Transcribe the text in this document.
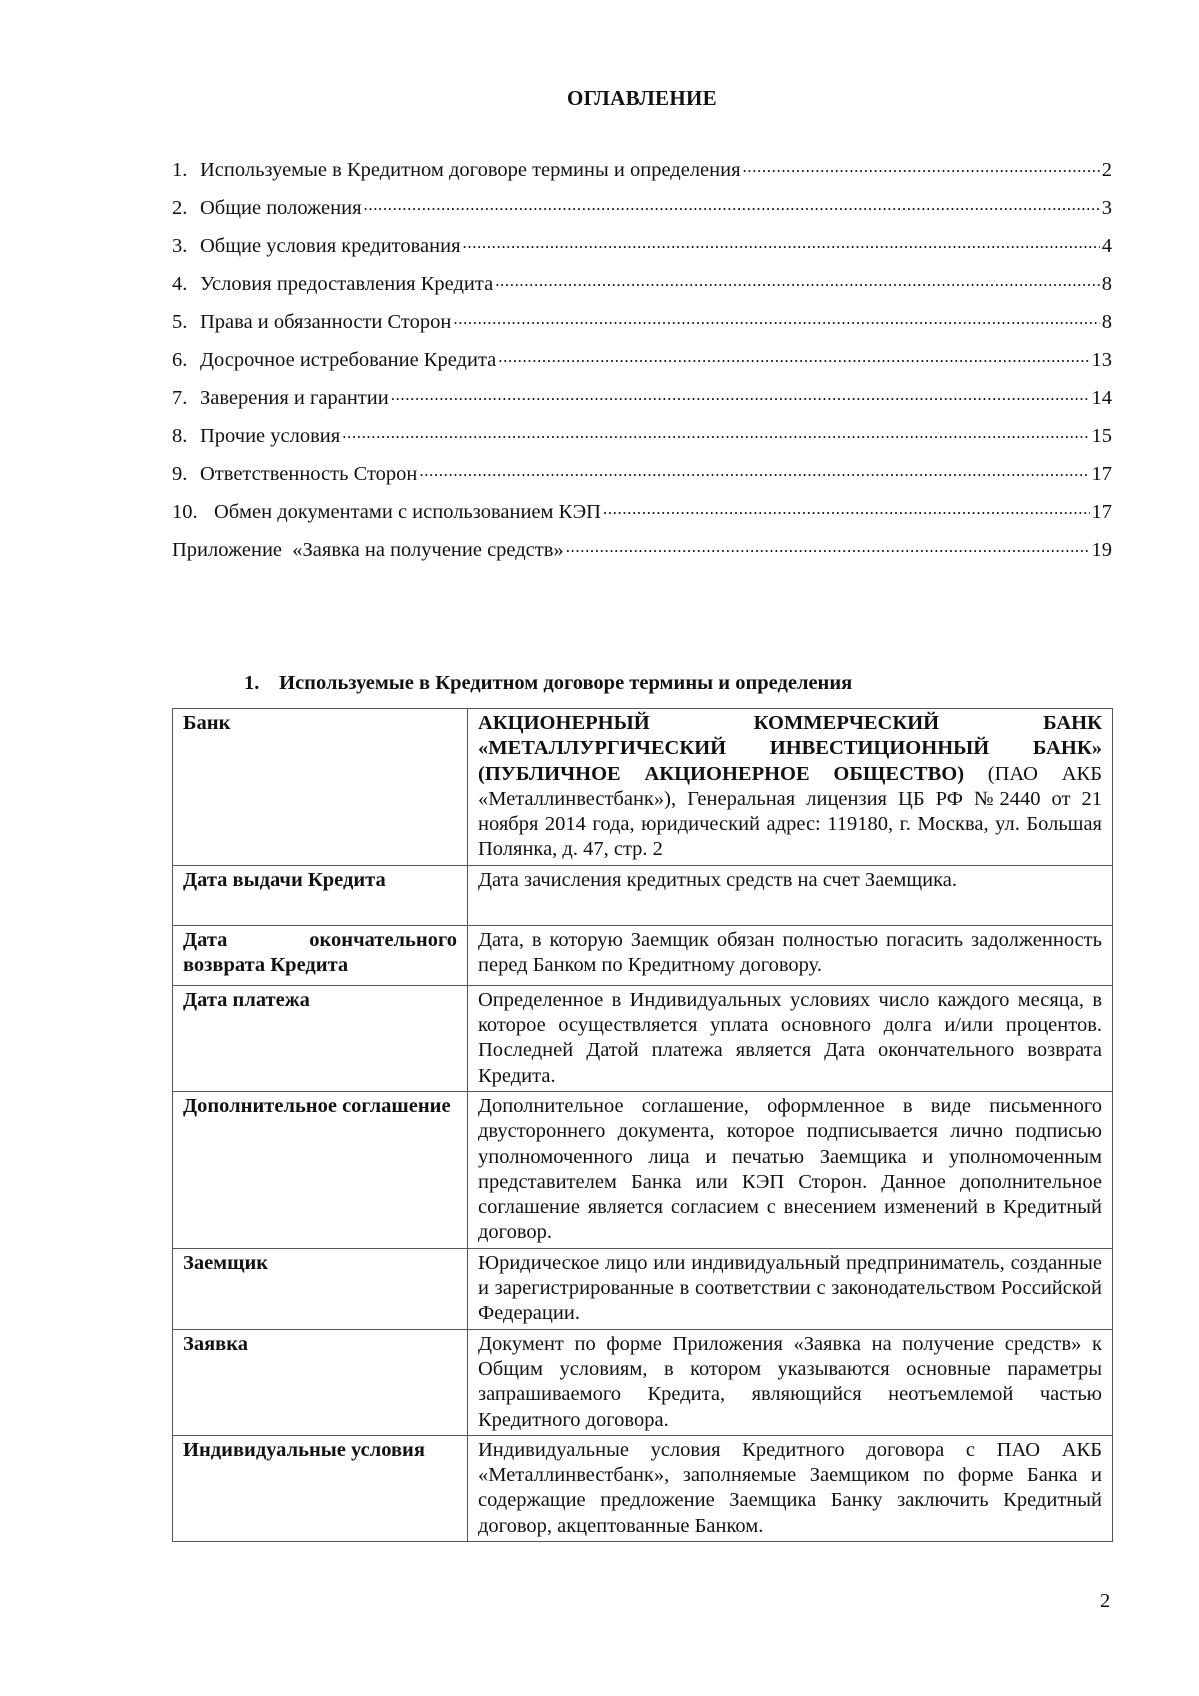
ОГЛАВЛЕНИЕ
1. Используемые в Кредитном договоре термины и определения .....	2
2. Общие положения .....	3
3. Общие условия кредитования .....	4
4. Условия предоставления Кредита .....	8
5. Права и обязанности Сторон .....	8
6. Досрочное истребование Кредита .....	13
7. Заверения и гарантии .....	14
8. Прочие условия .....	15
9. Ответственность Сторон .....	17
10. Обмен документами с использованием КЭП .....	17
Приложение  «Заявка на получение средств» .....	19
1. Используемые в Кредитном договоре термины и определения
Банк	АКЦИОНЕРНЫЙ КОММЕРЧЕСКИЙ БАНК «МЕТАЛЛУРГИЧЕСКИЙ ИНВЕСТИЦИОННЫЙ БАНК» (ПУБЛИЧНОЕ АКЦИОНЕРНОЕ ОБЩЕСТВО) (ПАО АКБ «Металлинвестбанк»), Генеральная лицензия ЦБ РФ №2440 от 21 ноября 2014 года, юридический адрес: 119180, г. Москва, ул. Большая Полянка, д. 47, стр. 2
Дата выдачи Кредита	Дата зачисления кредитных средств на счет Заемщика.
Дата окончательного возврата Кредита	Дата, в которую Заемщик обязан полностью погасить задолженность перед Банком по Кредитному договору.
Дата платежа	Определенное в Индивидуальных условиях число каждого месяца, в которое осуществляется уплата основного долга и/или процентов. Последней Датой платежа является Дата окончательного возврата Кредита.
Дополнительное соглашение	Дополнительное соглашение, оформленное в виде письменного двустороннего документа, которое подписывается лично подписью уполномоченного лица и печатью Заемщика и уполномоченным представителем Банка или КЭП Сторон. Данное дополнительное соглашение является согласием с внесением изменений в Кредитный договор.
Заемщик	Юридическое лицо или индивидуальный предприниматель, созданные и зарегистрированные в соответствии с законодательством Российской Федерации.
Заявка	Документ по форме Приложения «Заявка на получение средств» к Общим условиям, в котором указываются основные параметры запрашиваемого Кредита, являющийся неотъемлемой частью Кредитного договора.
Индивидуальные условия	Индивидуальные условия Кредитного договора с ПАО АКБ «Металлинвестбанк», заполняемые Заемщиком по форме Банка и содержащие предложение Заемщика Банку заключить Кредитный договор, акцептованные Банком.
2
